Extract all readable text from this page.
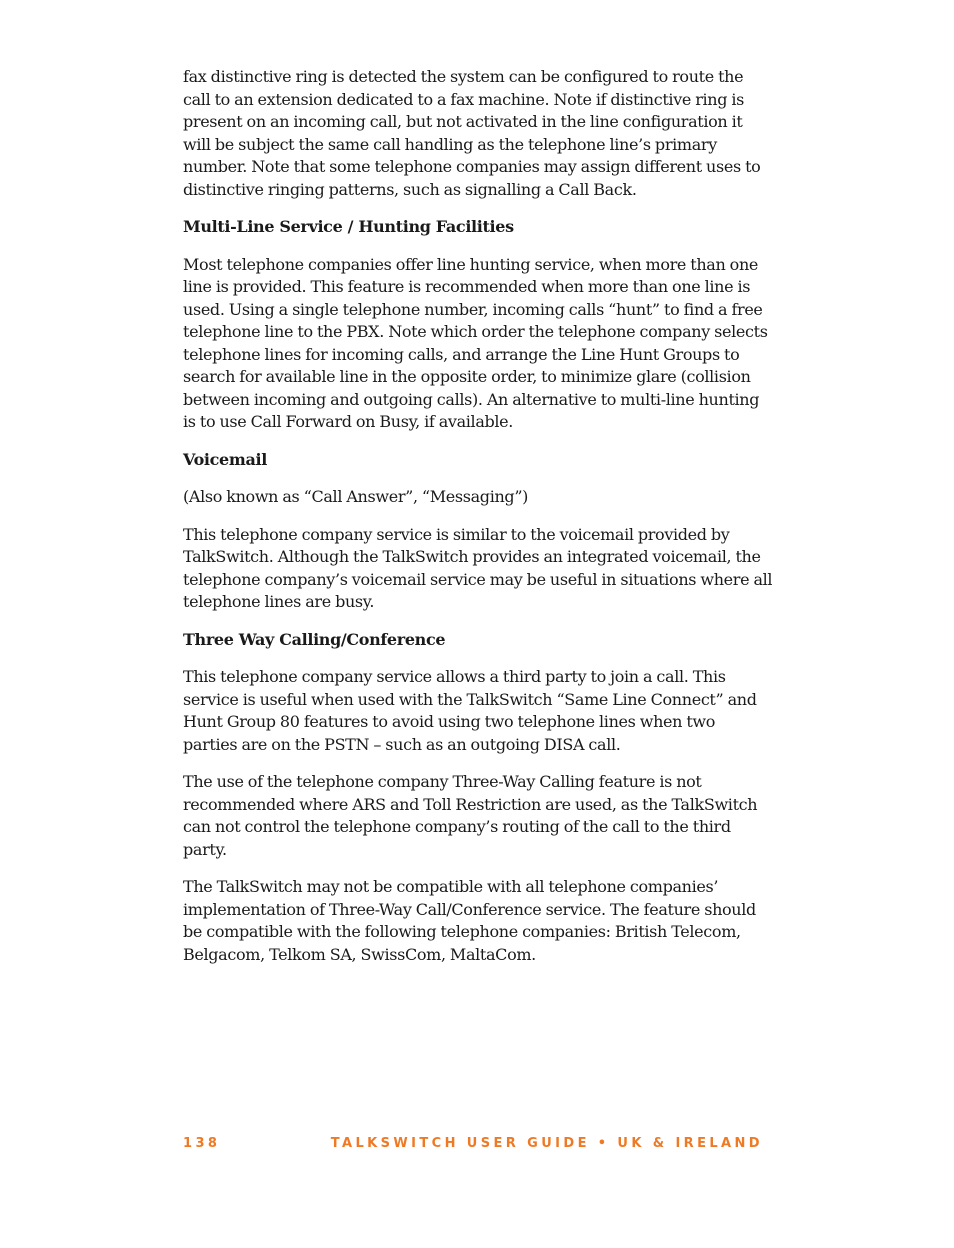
fax distinctive ring is detected the system can be configured to route the call to an extension dedicated to a fax machine. Note if distinctive ring is present on an incoming call, but not activated in the line configuration it will be subject the same call handling as the telephone line’s primary number. Note that some telephone companies may assign different uses to distinctive ringing patterns, such as signalling a Call Back.

Multi-Line Service / Hunting Facilities

Most telephone companies offer line hunting service, when more than one line is provided. This feature is recommended when more than one line is used. Using a single telephone number, incoming calls “hunt” to find a free telephone line to the PBX. Note which order the telephone company selects telephone lines for incoming calls, and arrange the Line Hunt Groups to search for available line in the opposite order, to minimize glare (collision between incoming and outgoing calls). An alternative to multi-line hunting is to use Call Forward on Busy, if available.

Voicemail

(Also known as “Call Answer”, “Messaging”)

This telephone company service is similar to the voicemail provided by TalkSwitch. Although the TalkSwitch provides an integrated voicemail, the telephone company’s voicemail service may be useful in situations where all telephone lines are busy.

Three Way Calling/Conference

This telephone company service allows a third party to join a call. This service is useful when used with the TalkSwitch “Same Line Connect” and Hunt Group 80 features to avoid using two telephone lines when two parties are on the PSTN – such as an outgoing DISA call.

The use of the telephone company Three-Way Calling feature is not recommended where ARS and Toll Restriction are used, as the TalkSwitch can not control the telephone company’s routing of the call to the third party.

The TalkSwitch may not be compatible with all telephone companies’ implementation of Three-Way Call/Conference service. The feature should be compatible with the following telephone companies: British Telecom, Belgacom, Telkom SA, SwissCom, MaltaCom.

138	TALKSWITCH USER GUIDE • UK & IRELAND
